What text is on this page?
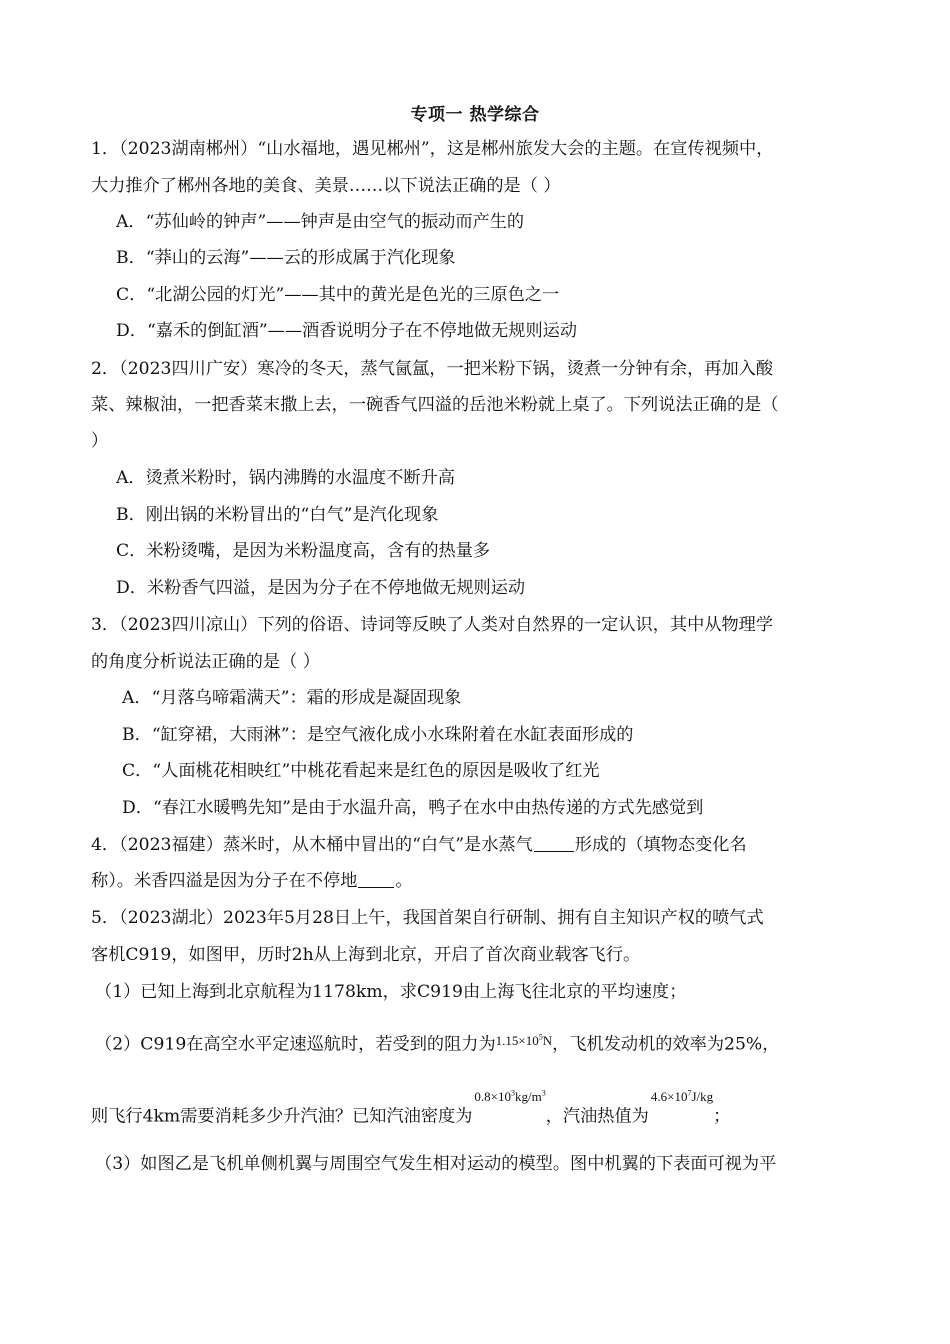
专项一 热学综合
1．（2023湖南郴州）“山水福地，遇见郴州”，这是郴州旅发大会的主题。在宣传视频中，
大力推介了郴州各地的美食、美景……以下说法正确的是（ ）
A．“苏仙岭的钟声”——钟声是由空气的振动而产生的
B．“莽山的云海”——云的形成属于汽化现象
C．“北湖公园的灯光”——其中的黄光是色光的三原色之一
D．“嘉禾的倒缸酒”——酒香说明分子在不停地做无规则运动
2．（2023四川广安）寒冷的冬天，蒸气氤氲，一把米粉下锅，烫煮一分钟有余，再加入酸
菜、辣椒油，一把香菜末撒上去，一碗香气四溢的岳池米粉就上桌了。下列说法正确的是（
）
A．烫煮米粉时，锅内沸腾的水温度不断升高
B．刚出锅的米粉冒出的“白气”是汽化现象
C．米粉烫嘴，是因为米粉温度高，含有的热量多
D．米粉香气四溢，是因为分子在不停地做无规则运动
3．（2023四川凉山）下列的俗语、诗词等反映了人类对自然界的一定认识，其中从物理学
的角度分析说法正确的是（ ）
A．“月落乌啼霜满天”：霜的形成是凝固现象
B．“缸穿裙，大雨淋”：是空气液化成小水珠附着在水缸表面形成的
C．“人面桃花相映红”中桃花看起来是红色的原因是吸收了红光
D．“春江水暖鸭先知”是由于水温升高，鸭子在水中由热传递的方式先感觉到
4．（2023福建）蒸米时，从木桶中冒出的“白气”是水蒸气 形成的（填物态变化名
称）。米香四溢是因为分子在不停地 。
5．（2023湖北）2023年5月28日上午，我国首架自行研制、拥有自主知识产权的喷气式
客机C919，如图甲，历时2h从上海到北京，开启了首次商业载客飞行。
（1）已知上海到北京航程为1178km，求C919由上海飞往北京的平均速度；
（2）C919在高空水平定速巡航时，若受到的阻力为$^{1.15\times 10^5N}$，飞机发动机的效率为25%，
则飞行4km需要消耗多少升汽油？已知汽油密度为$^{0.8\times 10^3kg/m^3}$，汽油热值为$^{4.6\times 10^7J/kg}$；
（3）如图乙是飞机单侧机翼与周围空气发生相对运动的模型。图中机翼的下表面可视为平
